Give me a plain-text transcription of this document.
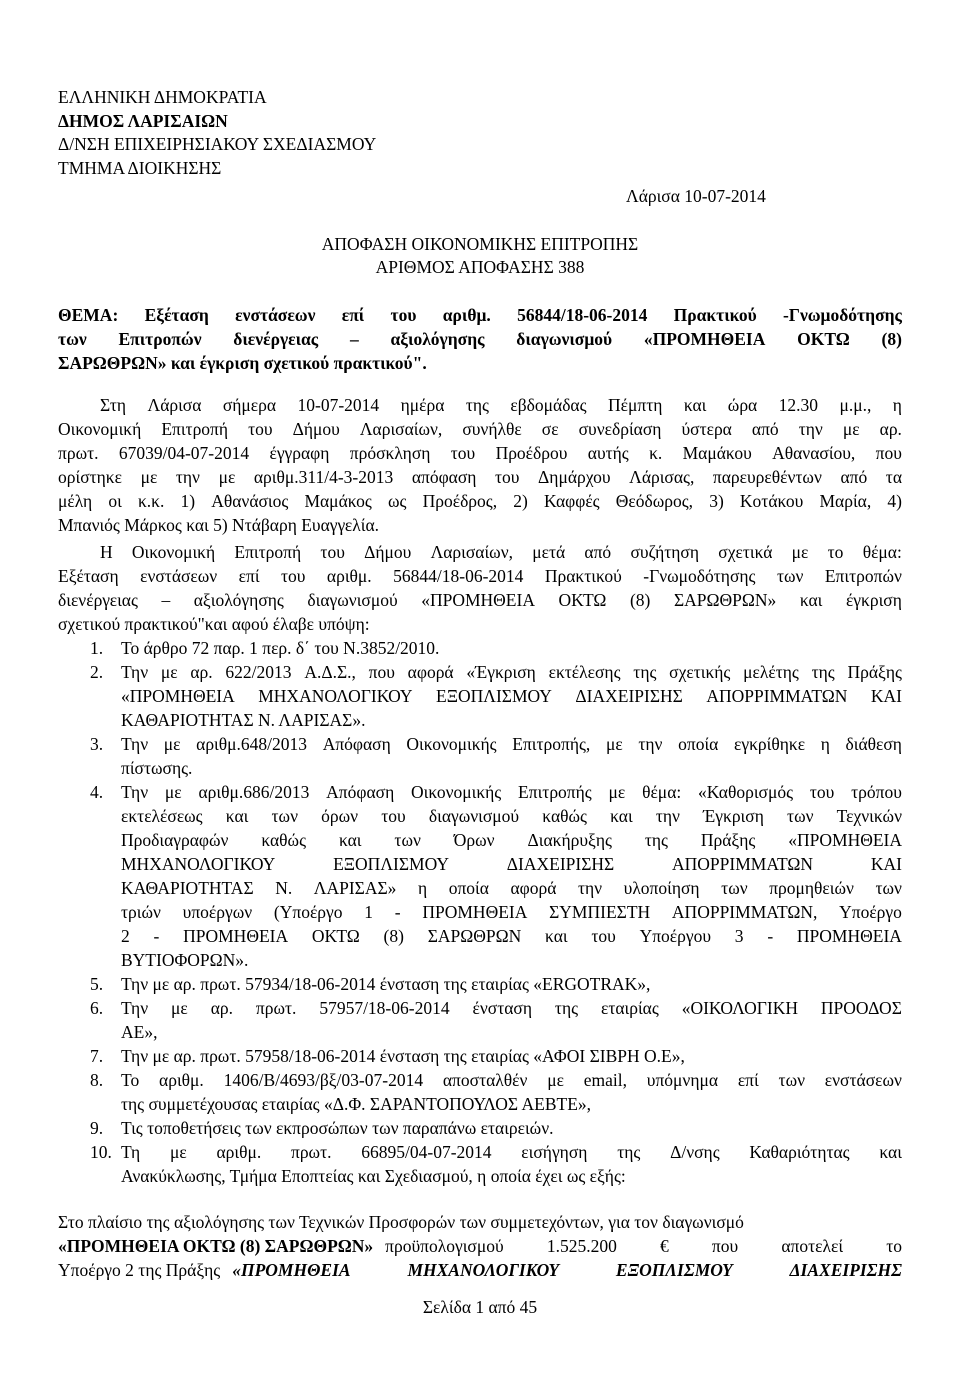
ΕΛΛΗΝΙΚΗ ΔΗΜΟΚΡΑΤΙΑ
ΔΗΜΟΣ ΛΑΡΙΣΑΙΩΝ
Δ/ΝΣΗ ΕΠΙΧΕΙΡΗΣΙΑΚΟΥ ΣΧΕΔΙΑΣΜΟΥ
ΤΜΗΜΑ ΔΙΟΙΚΗΣΗΣ
Λάρισα 10-07-2014
ΑΠΟΦΑΣΗ ΟΙΚΟΝΟΜΙΚΗΣ ΕΠΙΤΡΟΠΗΣ
ΑΡΙΘΜΟΣ ΑΠΟΦΑΣΗΣ 388
ΘΕΜΑ: Εξέταση ενστάσεων επί του αριθμ. 56844/18-06-2014 Πρακτικού -Γνωμοδότησης
των Επιτροπών διενέργειας – αξιολόγησης διαγωνισμού «ΠΡΟΜΗΘΕΙΑ ΟΚΤΩ (8)
ΣΑΡΩΘΡΩΝ» και έγκριση σχετικού πρακτικού".
Στη Λάρισα σήμερα 10-07-2014 ημέρα της εβδομάδας Πέμπτη και ώρα 12.30 μ.μ., η
Οικονομική Επιτροπή του Δήμου Λαρισαίων, συνήλθε σε συνεδρίαση ύστερα από την με αρ.
πρωτ. 67039/04-07-2014 έγγραφη πρόσκληση του Προέδρου αυτής κ. Μαμάκου Αθανασίου, που
ορίστηκε με την με αριθμ.311/4-3-2013 απόφαση του Δημάρχου Λάρισας, παρευρεθέντων από τα
μέλη οι κ.κ. 1) Αθανάσιος Μαμάκος ως Προέδρος, 2) Καφφές Θεόδωρος, 3) Κοτάκου Μαρία, 4)
Μπανιός Μάρκος και 5) Ντάβαρη Ευαγγελία.
Η Οικονομική Επιτροπή του Δήμου Λαρισαίων, μετά από συζήτηση σχετικά με το θέμα:
Εξέταση ενστάσεων επί του αριθμ. 56844/18-06-2014 Πρακτικού -Γνωμοδότησης των Επιτροπών
διενέργειας – αξιολόγησης διαγωνισμού «ΠΡΟΜΗΘΕΙΑ ΟΚΤΩ (8) ΣΑΡΩΘΡΩΝ» και έγκριση
σχετικού πρακτικού"και αφού έλαβε υπόψη:
1. Το άρθρο 72 παρ. 1 περ. δ΄ του Ν.3852/2010.
2. Την με αρ. 622/2013 Α.Δ.Σ., που αφορά «Έγκριση εκτέλεσης της σχετικής μελέτης της Πράξης
«ΠΡΟΜΗΘΕΙΑ ΜΗΧΑΝΟΛΟΓΙΚΟΥ ΕΞΟΠΛΙΣΜΟΥ ΔΙΑΧΕΙΡΙΣΗΣ ΑΠΟΡΡΙΜΜΑΤΩΝ ΚΑΙ
ΚΑΘΑΡΙΟΤΗΤΑΣ Ν. ΛΑΡΙΣΑΣ».
3. Την με αριθμ.648/2013 Απόφαση Οικονομικής Επιτροπής, με την οποία εγκρίθηκε η διάθεση
πίστωσης.
4. Την με αριθμ.686/2013 Απόφαση Οικονομικής Επιτροπής με θέμα: «Καθορισμός του τρόπου
εκτελέσεως και των όρων του διαγωνισμού καθώς και την Έγκριση των Τεχνικών
Προδιαγραφών καθώς και των Όρων Διακήρυξης της Πράξης «ΠΡΟΜΗΘΕΙΑ
ΜΗΧΑΝΟΛΟΓΙΚΟΥ	ΕΞΟΠΛΙΣΜΟΥ	ΔΙΑΧΕΙΡΙΣΗΣ	ΑΠΟΡΡΙΜΜΑΤΩΝ	ΚΑΙ
ΚΑΘΑΡΙΟΤΗΤΑΣ Ν. ΛΑΡΙΣΑΣ» η οποία αφορά την υλοποίηση των προμηθειών των
τριών υποέργων (Υποέργο 1 - ΠΡΟΜΗΘΕΙΑ ΣΥΜΠΙΕΣΤΗ ΑΠΟΡΡΙΜΜΑΤΩΝ, Υποέργο
2 - ΠΡΟΜΗΘΕΙΑ ΟΚΤΩ (8) ΣΑΡΩΘΡΩΝ και του Υποέργου 3 - ΠΡΟΜΗΘΕΙΑ
ΒΥΤΙΟΦΟΡΩΝ».
5. Την με αρ. πρωτ. 57934/18-06-2014 ένσταση της εταιρίας «ERGOTRAK»,
6. Την με αρ. πρωτ. 57957/18-06-2014 ένσταση της εταιρίας «ΟΙΚΟΛΟΓΙΚΗ ΠΡΟΟΔΟΣ
ΑΕ»,
7. Την με αρ. πρωτ. 57958/18-06-2014 ένσταση της εταιρίας «ΑΦΟΙ ΣΙΒΡΗ Ο.Ε»,
8. Το αριθμ. 1406/Β/4693/βξ/03-07-2014 αποσταλθέν με email, υπόμνημα επί των ενστάσεων
της συμμετέχουσας εταιρίας «Δ.Φ. ΣΑΡΑΝΤΟΠΟΥΛΟΣ ΑΕΒΤΕ»,
9. Τις τοποθετήσεις των εκπροσώπων των παραπάνω εταιρειών.
10. Τη με αριθμ. πρωτ. 66895/04-07-2014 εισήγηση της Δ/νσης Καθαριότητας και
Ανακύκλωσης, Τμήμα Εποπτείας και Σχεδιασμού, η οποία έχει ως εξής:
Στο πλαίσιο της αξιολόγησης των Τεχνικών Προσφορών των συμμετεχόντων, για τον διαγωνισμό
«ΠΡΟΜΗΘΕΙΑ ΟΚΤΩ (8) ΣΑΡΩΘΡΩΝ» προϋπολογισμού 1.525.200 € που αποτελεί το
Υποέργο 2 της Πράξης «ΠΡΟΜΗΘΕΙΑ	ΜΗΧΑΝΟΛΟΓΙΚΟΥ	ΕΞΟΠΛΙΣΜΟΥ	ΔΙΑΧΕΙΡΙΣΗΣ
Σελίδα 1 από 45
